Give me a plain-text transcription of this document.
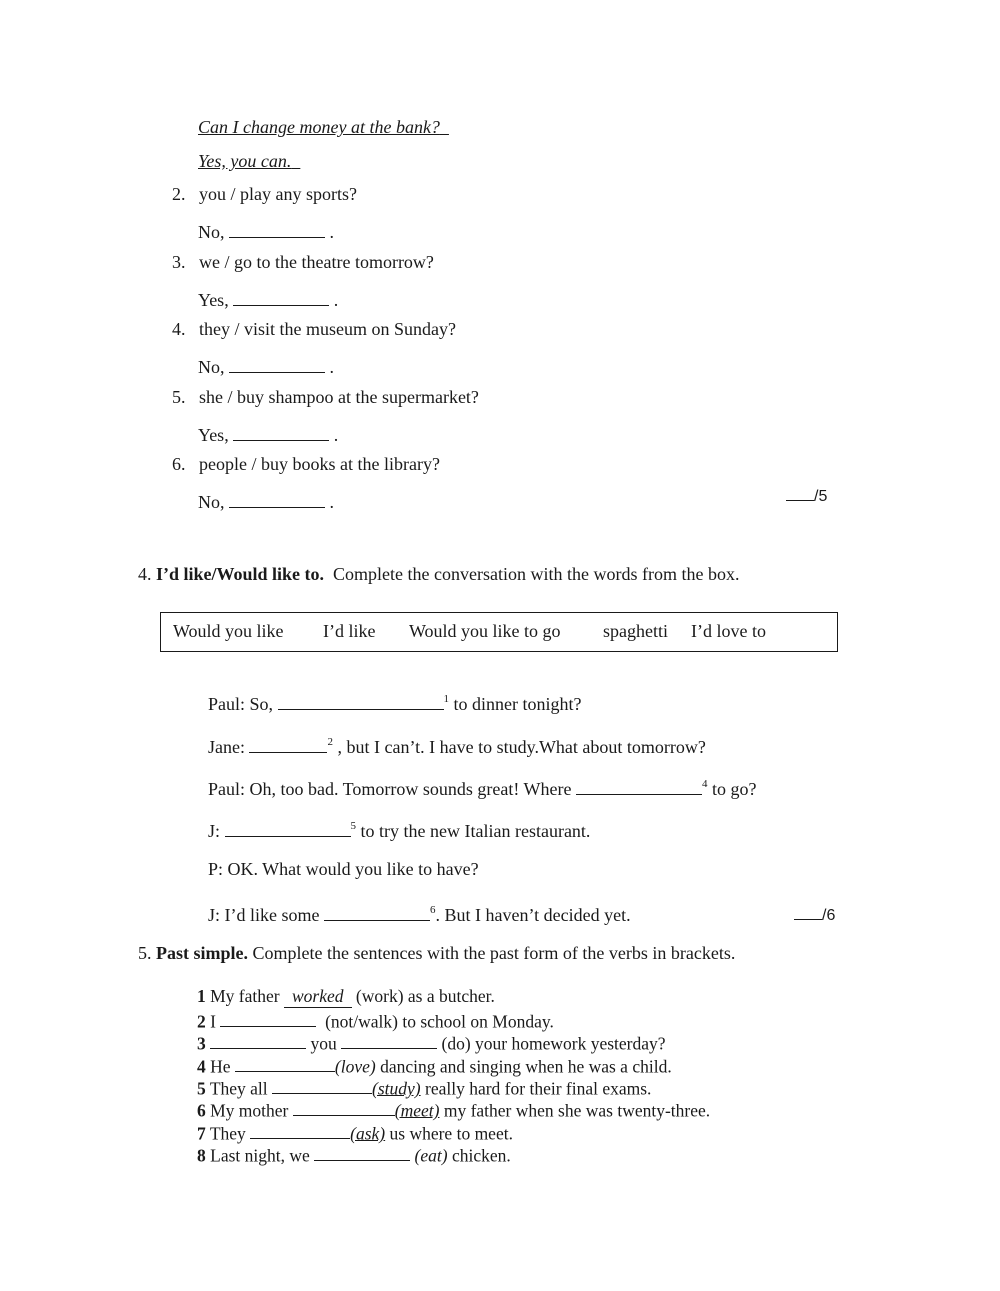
Can I change money at the bank?
Yes, you can.
2. you / play any sports?
No,	.
3. we / go to the theatre tomorrow?
Yes,	.
4. they / visit the museum on Sunday?
No,	.
5. she / buy shampoo at the supermarket?
Yes,	.
6. people / buy books at the library?
No,	.	/5
4. I’d like/Would like to. Complete the conversation with the words from the box.
Would you like I’d like Would you like to go spaghetti I’d love to
Paul: So,	$^1$ to dinner tonight?
Jane:	$^2$ , but I can’t. I have to study.What about tomorrow?
Paul: Oh, too bad. Tomorrow sounds great! Where	$^4$ to go?
J:	$^5$ to try the new Italian restaurant.
P: OK. What would you like to have?
J: I’d like some	$^6$. But I haven’t decided yet.	/6
5. Past simple. Complete the sentences with the past form of the verbs in brackets.
1 My father worked (work) as a butcher.
2 I	(not/walk) to school on Monday.
3	you	(do) your homework yesterday?
4 He	(love) dancing and singing when he was a child.
5 They all	(study) really hard for their final exams.
6 My mother	(meet) my father when she was twenty-three.
7 They	(ask) us where to meet.
8 Last night, we	(eat) chicken.
